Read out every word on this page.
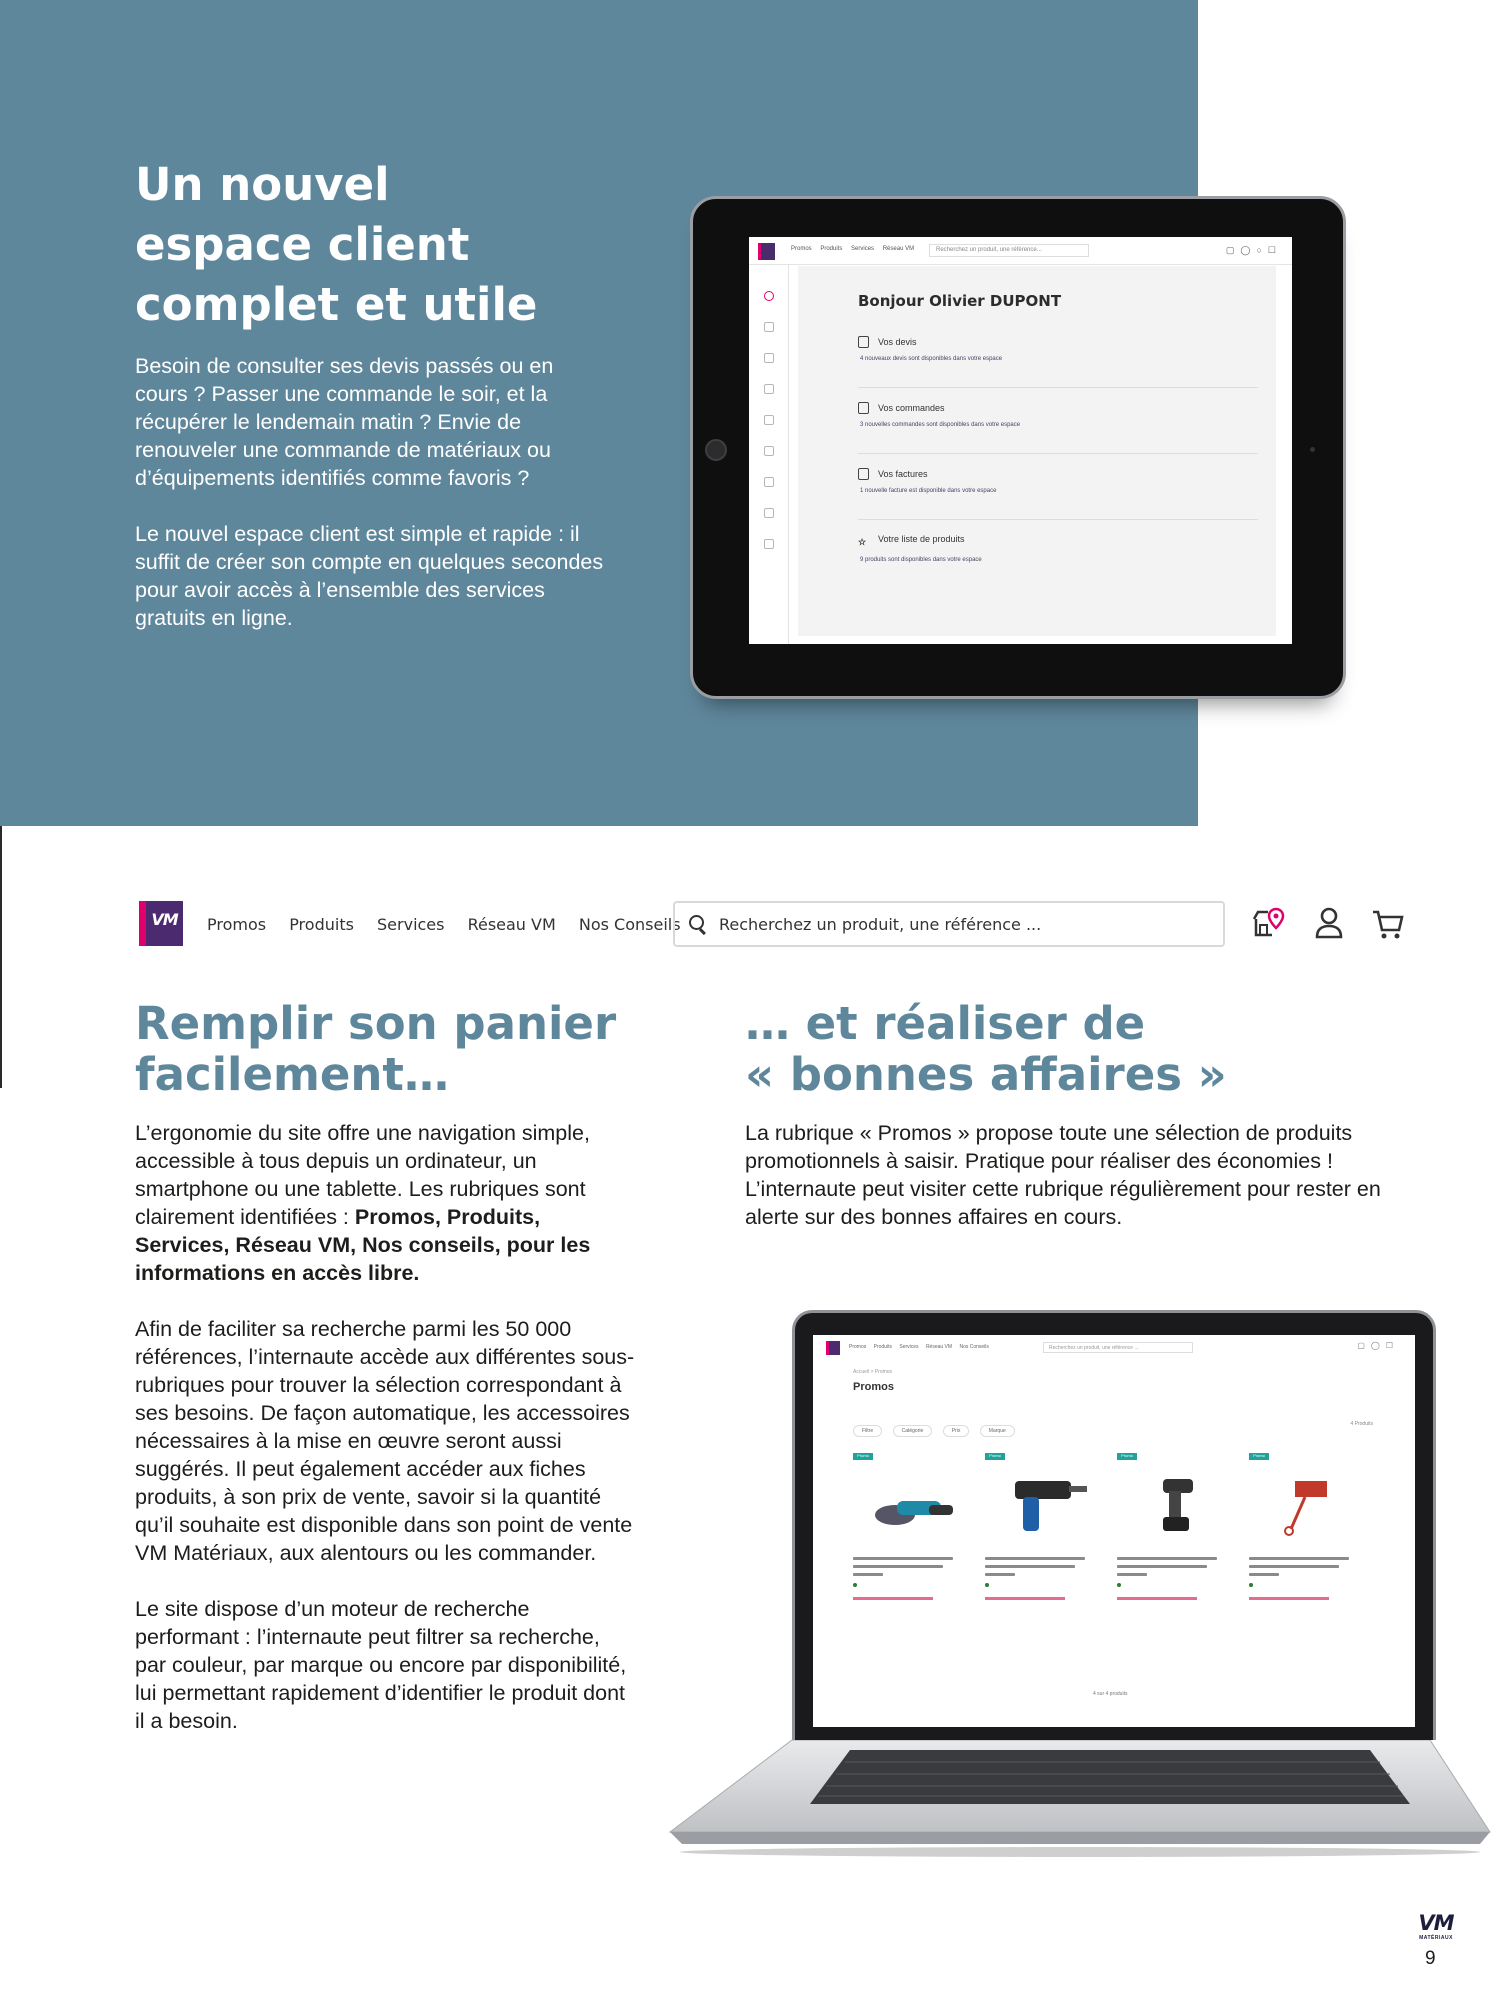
Un nouvel
espace client
complet et utile

Besoin de consulter ses devis passés ou en cours ? Passer une commande le soir, et la récupérer le lendemain matin ? Envie de renouveler une commande de matériaux ou d’équipements identifiés comme favoris ?

Le nouvel espace client est simple et rapide : il suffit de créer son compte en quelques secondes pour avoir accès à l’ensemble des services gratuits en ligne.

Promos Produits Services Réseau VM	Recherchez un produit, une référence...	▢◯○☐
Bonjour Olivier DUPONT
Vos devis
4 nouveaux devis sont disponibles dans votre espace
Vos commandes
3 nouvelles commandes sont disponibles dans votre espace
Vos factures
1 nouvelle facture est disponible dans votre espace
☆ Votre liste de produits
9 produits sont disponibles dans votre espace
VM	Promos Produits Services Réseau VM Nos Conseils	Recherchez un produit, une référence ...
Remplir son panier
facilement…

L’ergonomie du site offre une navigation simple, accessible à tous depuis un ordinateur, un smartphone ou une tablette. Les rubriques sont clairement identifiées : Promos, Produits, Services, Réseau VM, Nos conseils, pour les informations en accès libre.

Afin de faciliter sa recherche parmi les 50 000 références, l’internaute accède aux différentes sous-rubriques pour trouver la sélection correspondant à ses besoins. De façon automatique, les accessoires nécessaires à la mise en œuvre seront aussi suggérés. Il peut également accéder aux fiches produits, à son prix de vente, savoir si la quantité qu’il souhaite est disponible dans son point de vente VM Matériaux, aux alentours ou les commander.

Le site dispose d’un moteur de recherche performant : l’internaute peut filtrer sa recherche, par couleur, par marque ou encore par disponibilité, lui permettant rapidement d’identifier le produit dont il a besoin.

… et réaliser de
« bonnes affaires »

La rubrique « Promos » propose toute une sélection de produits promotionnels à saisir. Pratique pour réaliser des économies ! L’internaute peut visiter cette rubrique régulièrement pour rester en alerte sur des bonnes affaires en cours.

Promos Produits Services Réseau VM Nos Conseils	Recherchez un produit, une référence ...	▢◯☐
Accueil > Promos
Promos
Filtre	Catégorie	Prix	Marque
4 Produits
Promo	Promo	Promo	Promo
4 sur 4 produits
VM
MATÉRIAUX
9
